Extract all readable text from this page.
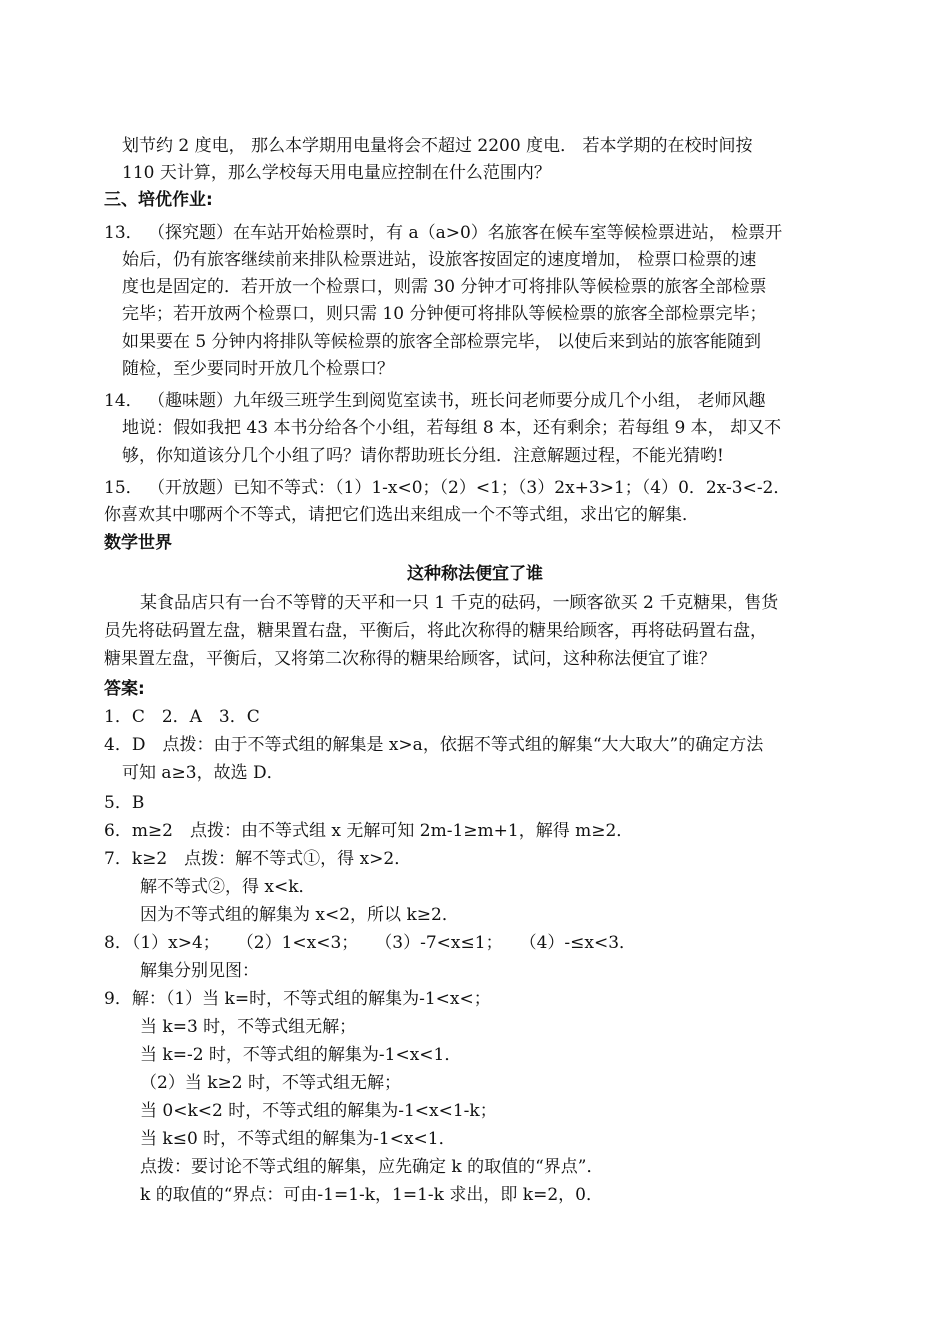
划节约 2 度电， 那么本学期用电量将会不超过 2200 度电． 若本学期的在校时间按
110 天计算，那么学校每天用电量应控制在什么范围内？
三、培优作业:
13． （探究题）在车站开始检票时，有 a（a>0）名旅客在候车室等候检票进站， 检票开
始后，仍有旅客继续前来排队检票进站，设旅客按固定的速度增加， 检票口检票的速
度也是固定的．若开放一个检票口，则需 30 分钟才可将排队等候检票的旅客全部检票
完毕；若开放两个检票口，则只需 10 分钟便可将排队等候检票的旅客全部检票完毕；
如果要在 5 分钟内将排队等候检票的旅客全部检票完毕， 以使后来到站的旅客能随到
随检，至少要同时开放几个检票口？
14． （趣味题）九年级三班学生到阅览室读书，班长问老师要分成几个小组， 老师风趣
地说：假如我把 43 本书分给各个小组，若每组 8 本，还有剩余；若每组 9 本， 却又不
够，你知道该分几个小组了吗？请你帮助班长分组．注意解题过程，不能光猜哟!
15． （开放题）已知不等式：（1）1-x<0；（2）<1；（3）2x+3>1；（4）0．2x-3<-2．
你喜欢其中哪两个不等式，请把它们选出来组成一个不等式组，求出它的解集．
数学世界
这种称法便宜了谁
某食品店只有一台不等臂的天平和一只 1 千克的砝码，一顾客欲买 2 千克糖果，售货
员先将砝码置左盘，糖果置右盘，平衡后，将此次称得的糖果给顾客，再将砝码置右盘，
糖果置左盘，平衡后，又将第二次称得的糖果给顾客，试问，这种称法便宜了谁？
答案:
1．C　2．A　3．C
4．D　点拨：由于不等式组的解集是 x>a，依据不等式组的解集“大大取大”的确定方法
可知 a≥3，故选 D．
5．B
6．m≥2　点拨：由不等式组 x 无解可知 2m-1≥m+1，解得 m≥2．
7．k≥2　点拨：解不等式①，得 x>2．
解不等式②，得 x<k．
因为不等式组的解集为 x<2，所以 k≥2．
8．（1）x>4；　　（2）1<x<3；　　（3）-7<x≤1；　　（4）-≤x<3．
解集分别见图：
9．解：（1）当 k=时，不等式组的解集为-1<x<；
当 k=3 时，不等式组无解；
当 k=-2 时，不等式组的解集为-1<x<1．
（2）当 k≥2 时，不等式组无解；
当 0<k<2 时，不等式组的解集为-1<x<1-k；
当 k≤0 时，不等式组的解集为-1<x<1．
点拨：要讨论不等式组的解集，应先确定 k 的取值的“界点”．
k 的取值的“界点：可由-1=1-k，1=1-k 求出，即 k=2，0．
